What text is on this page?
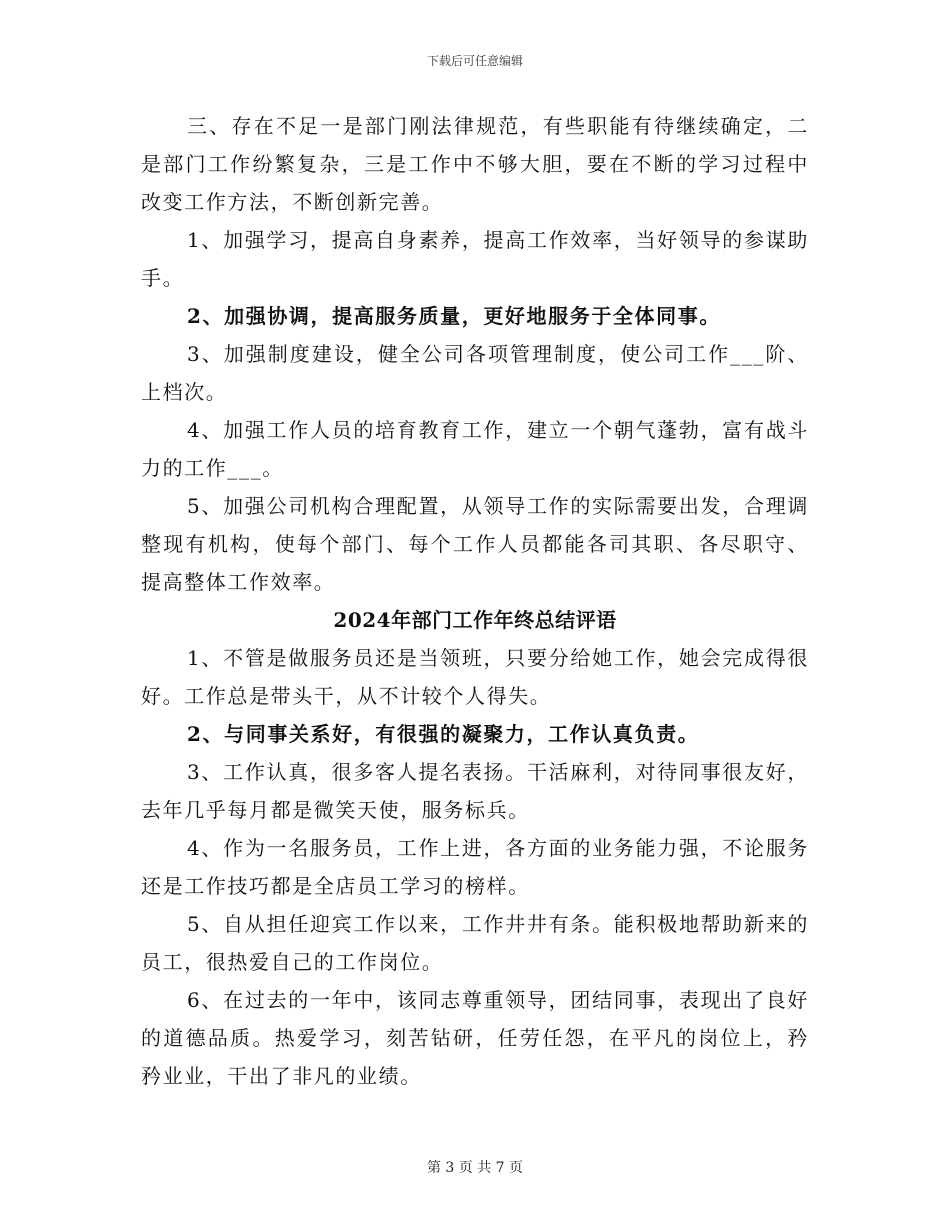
下载后可任意编辑

三、存在不足一是部门刚法律规范，有些职能有待继续确定，二是部门工作纷繁复杂，三是工作中不够大胆，要在不断的学习过程中改变工作方法，不断创新完善。

1、加强学习，提高自身素养，提高工作效率，当好领导的参谋助手。

2、加强协调，提高服务质量，更好地服务于全体同事。

3、加强制度建设，健全公司各项管理制度，使公司工作___阶、上档次。

4、加强工作人员的培育教育工作，建立一个朝气蓬勃，富有战斗力的工作___。

5、加强公司机构合理配置，从领导工作的实际需要出发，合理调整现有机构，使每个部门、每个工作人员都能各司其职、各尽职守、提高整体工作效率。

2024年部门工作年终总结评语

1、不管是做服务员还是当领班，只要分给她工作，她会完成得很好。工作总是带头干，从不计较个人得失。

2、与同事关系好，有很强的凝聚力，工作认真负责。

3、工作认真，很多客人提名表扬。干活麻利，对待同事很友好，去年几乎每月都是微笑天使，服务标兵。

4、作为一名服务员，工作上进，各方面的业务能力强，不论服务还是工作技巧都是全店员工学习的榜样。

5、自从担任迎宾工作以来，工作井井有条。能积极地帮助新来的员工，很热爱自己的工作岗位。

6、在过去的一年中，该同志尊重领导，团结同事，表现出了良好的道德品质。热爱学习，刻苦钻研，任劳任怨，在平凡的岗位上，矜矜业业，干出了非凡的业绩。

第 3 页 共 7 页
